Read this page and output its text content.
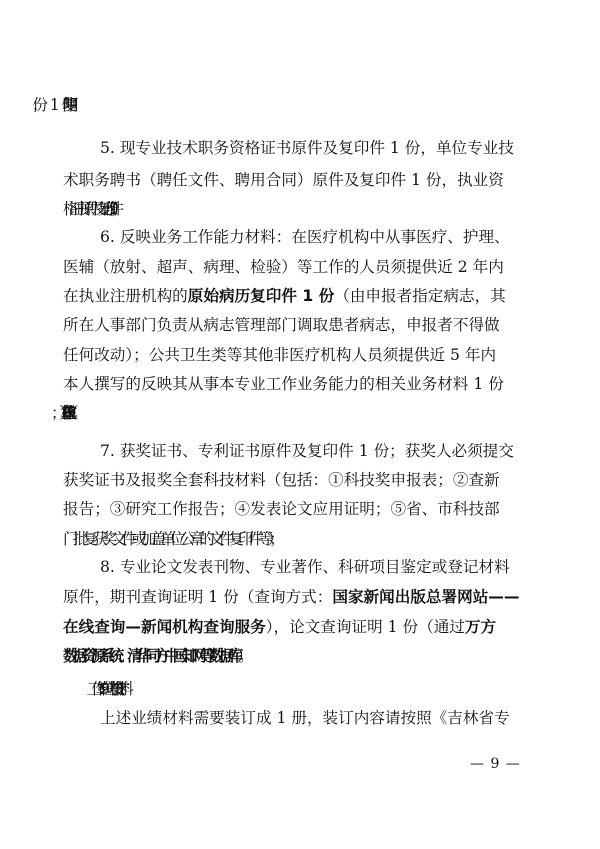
5. 现专业技术职务资格证书原件及复印件 1 份，单位专业技
术职务聘书（聘任文件、聘用合同）原件及复印件 1 份，执业资
格证书原件及复印件 1 份；
6. 反映业务工作能力材料：在医疗机构中从事医疗、护理、
医辅（放射、超声、病理、检验）等工作的人员须提供近 2 年内
在执业注册机构的原始病历复印件 1 份（由申报者指定病志，其
所在人事部门负责从病志管理部门调取患者病志，申报者不得做
任何改动）；公共卫生类等其他非医疗机构人员须提供近 5 年内
本人撰写的反映其从事本专业工作业务能力的相关业务材料 1 份
7. 获奖证书、专利证书原件及复印件 1 份；获奖人必须提交
获奖证书及报奖全套科技材料（包括：①科技奖申报表；②查新
报告；③研究工作报告；④发表论文应用证明；⑤省、市科技部
门批复获奖文件或加盖单位公章的文件复印件等）；
8. 专业论文发表刊物、专业著作、科研项目鉴定或登记材料
原件，期刊查询证明 1 份（查询方式：国家新闻出版总署网站——
在线查询—新闻机构查询服务），论文查询证明 1 份（通过万方
数据资源系统、清华同方中国知网等数据库）。
9. 工作单位考核材料 1 份。
上述业绩材料需要装订成 1 册，装订内容请按照《吉林省专
— 9 —
